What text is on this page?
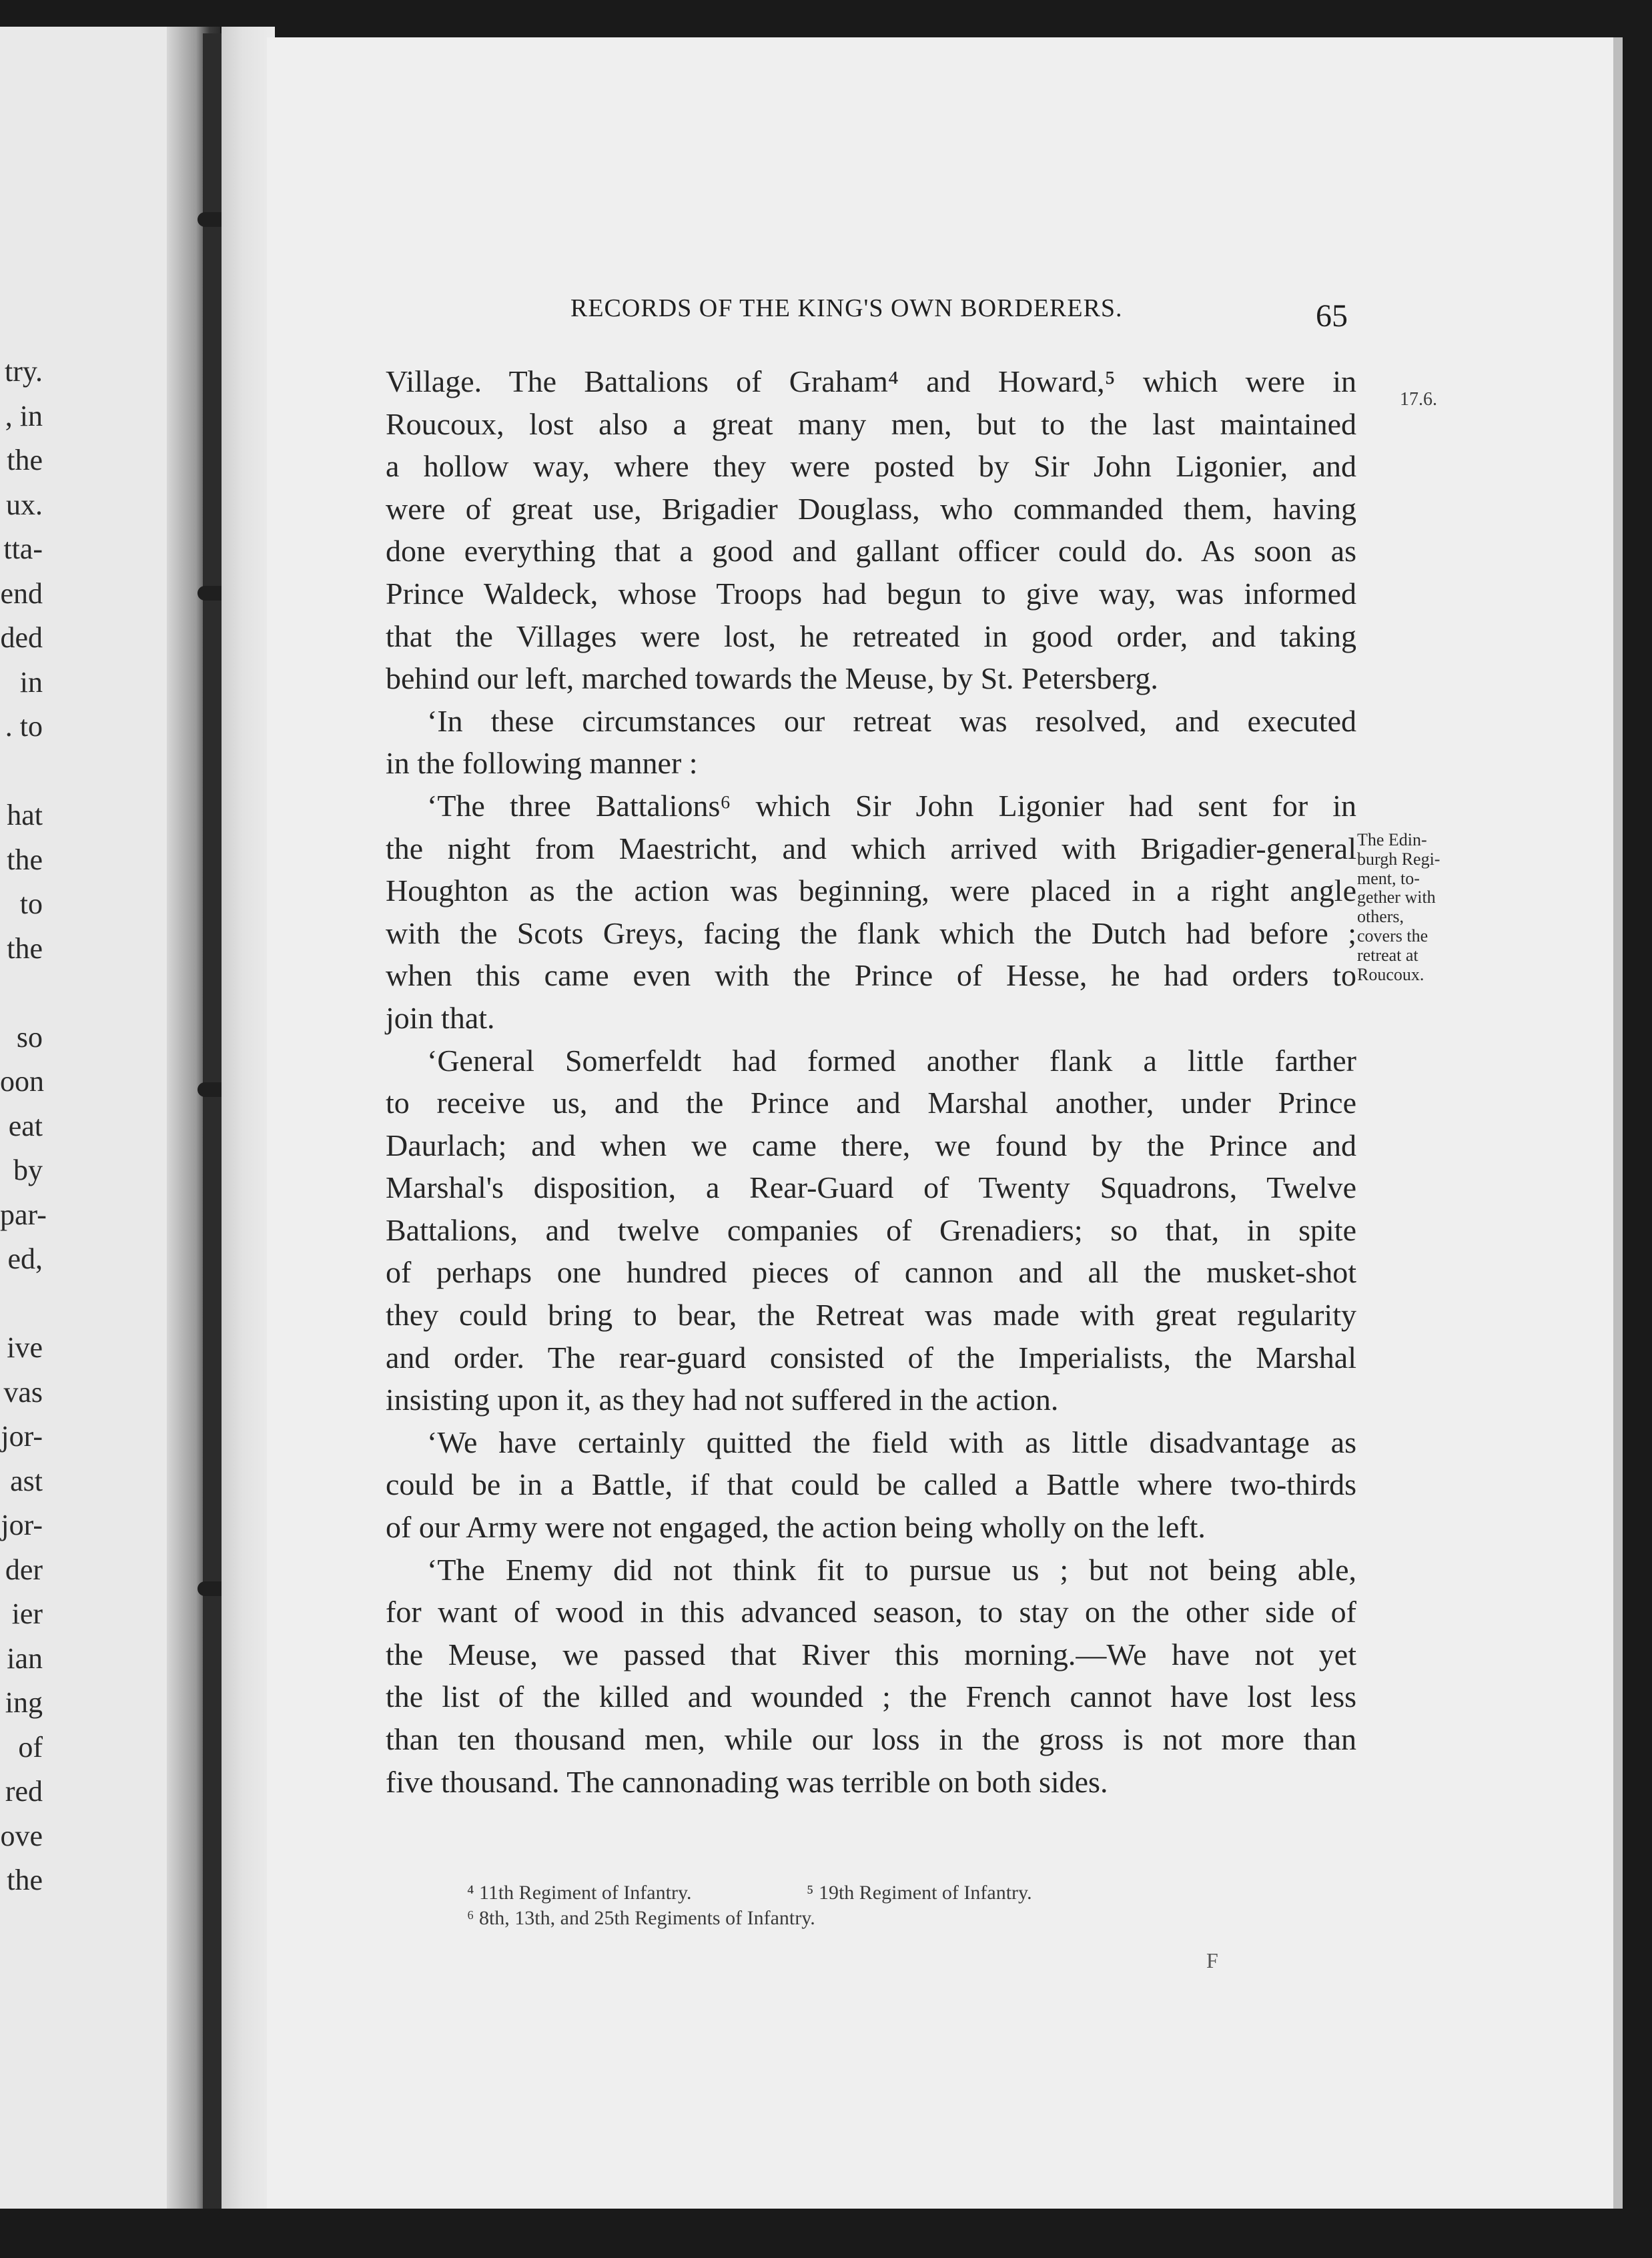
try.
, in
the
ux.
tta-
end
ded
in
. to
hat
the
to
the
so
oon
eat
by
par-
ed,
ive
vas
jor-
ast
jor-
der
ier
ian
ing
of
red
ove
the
RECORDS OF THE KING'S OWN BORDERERS.	65
17.6.
The Edin-
burgh Regi-
ment, to-
gether with
others,
covers the
retreat at
Roucoux.
Village. The Battalions of Graham⁴ and Howard,⁵ which were in
Roucoux, lost also a great many men, but to the last maintained
a hollow way, where they were posted by Sir John Ligonier, and
were of great use, Brigadier Douglass, who commanded them, having
done everything that a good and gallant officer could do. As soon as
Prince Waldeck, whose Troops had begun to give way, was informed
that the Villages were lost, he retreated in good order, and taking
behind our left, marched towards the Meuse, by St. Petersberg.
‘In these circumstances our retreat was resolved, and executed
in the following manner :
‘The three Battalions⁶ which Sir John Ligonier had sent for in
the night from Maestricht, and which arrived with Brigadier-general
Houghton as the action was beginning, were placed in a right angle
with the Scots Greys, facing the flank which the Dutch had before ;
when this came even with the Prince of Hesse, he had orders to
join that.
‘General Somerfeldt had formed another flank a little farther
to receive us, and the Prince and Marshal another, under Prince
Daurlach; and when we came there, we found by the Prince and
Marshal's disposition, a Rear-Guard of Twenty Squadrons, Twelve
Battalions, and twelve companies of Grenadiers; so that, in spite
of perhaps one hundred pieces of cannon and all the musket-shot
they could bring to bear, the Retreat was made with great regularity
and order. The rear-guard consisted of the Imperialists, the Marshal
insisting upon it, as they had not suffered in the action.
‘We have certainly quitted the field with as little disadvantage as
could be in a Battle, if that could be called a Battle where two-thirds
of our Army were not engaged, the action being wholly on the left.
‘The Enemy did not think fit to pursue us ; but not being able,
for want of wood in this advanced season, to stay on the other side of
the Meuse, we passed that River this morning.—We have not yet
the list of the killed and wounded ; the French cannot have lost less
than ten thousand men, while our loss in the gross is not more than
five thousand. The cannonading was terrible on both sides.
⁴ 11th Regiment of Infantry.                       ⁵ 19th Regiment of Infantry.
⁶ 8th, 13th, and 25th Regiments of Infantry.
F
